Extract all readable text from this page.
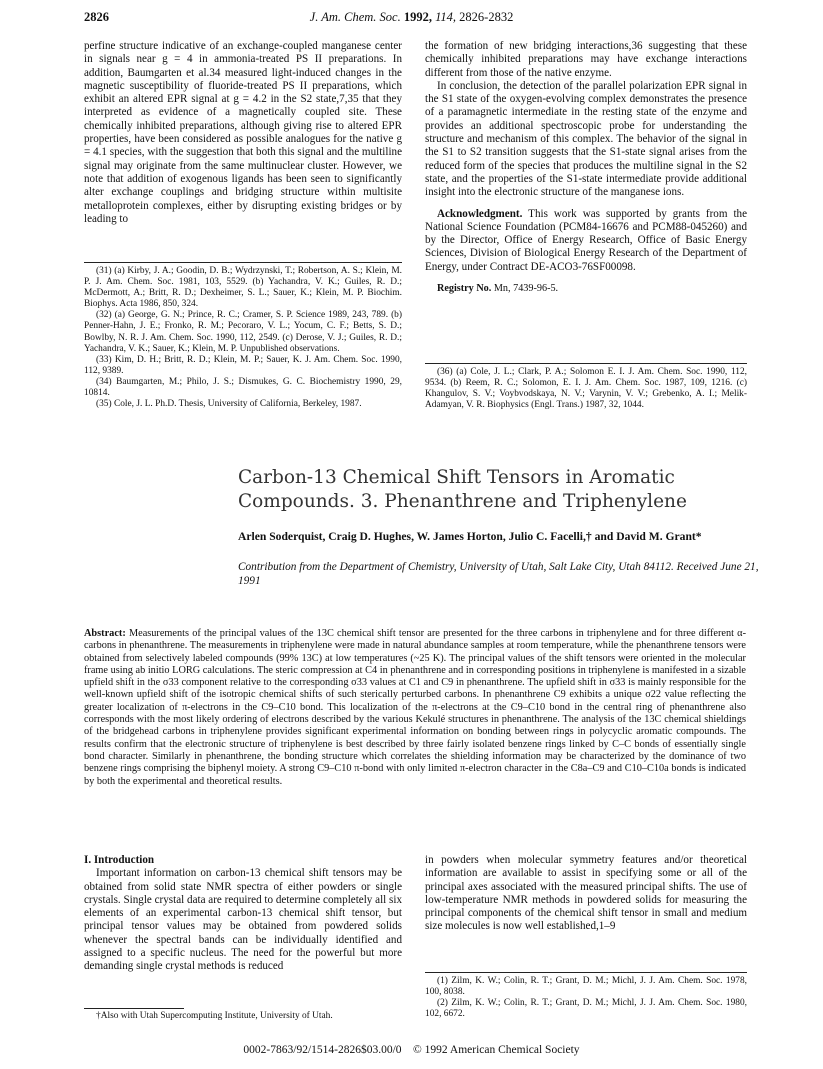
2826	J. Am. Chem. Soc. 1992, 114, 2826-2832

perfine structure indicative of an exchange-coupled manganese center in signals near g = 4 in ammonia-treated PS II preparations. In addition, Baumgarten et al.34 measured light-induced changes in the magnetic susceptibility of fluoride-treated PS II preparations, which exhibit an altered EPR signal at g = 4.2 in the S2 state,7,35 that they interpreted as evidence of a magnetically coupled site. These chemically inhibited preparations, although giving rise to altered EPR properties, have been considered as possible analogues for the native g = 4.1 species, with the suggestion that both this signal and the multiline signal may originate from the same multinuclear cluster. However, we note that addition of exogenous ligands has been seen to significantly alter exchange couplings and bridging structure within multisite metalloprotein complexes, either by disrupting existing bridges or by leading to

(31) (a) Kirby, J. A.; Goodin, D. B.; Wydrzynski, T.; Robertson, A. S.; Klein, M. P. J. Am. Chem. Soc. 1981, 103, 5529. (b) Yachandra, V. K.; Guiles, R. D.; McDermott, A.; Britt, R. D.; Dexheimer, S. L.; Sauer, K.; Klein, M. P. Biochim. Biophys. Acta 1986, 850, 324.

(32) (a) George, G. N.; Prince, R. C.; Cramer, S. P. Science 1989, 243, 789. (b) Penner-Hahn, J. E.; Fronko, R. M.; Pecoraro, V. L.; Yocum, C. F.; Betts, S. D.; Bowlby, N. R. J. Am. Chem. Soc. 1990, 112, 2549. (c) Derose, V. J.; Guiles, R. D.; Yachandra, V. K.; Sauer, K.; Klein, M. P. Unpublished observations.

(33) Kim, D. H.; Britt, R. D.; Klein, M. P.; Sauer, K. J. Am. Chem. Soc. 1990, 112, 9389.

(34) Baumgarten, M.; Philo, J. S.; Dismukes, G. C. Biochemistry 1990, 29, 10814.

(35) Cole, J. L. Ph.D. Thesis, University of California, Berkeley, 1987.

the formation of new bridging interactions,36 suggesting that these chemically inhibited preparations may have exchange interactions different from those of the native enzyme.

In conclusion, the detection of the parallel polarization EPR signal in the S1 state of the oxygen-evolving complex demonstrates the presence of a paramagnetic intermediate in the resting state of the enzyme and provides an additional spectroscopic probe for understanding the structure and mechanism of this complex. The behavior of the signal in the S1 to S2 transition suggests that the S1-state signal arises from the reduced form of the species that produces the multiline signal in the S2 state, and the properties of the S1-state intermediate provide additional insight into the electronic structure of the manganese ions.

Acknowledgment. This work was supported by grants from the National Science Foundation (PCM84-16676 and PCM88-045260) and by the Director, Office of Energy Research, Office of Basic Energy Sciences, Division of Biological Energy Research of the Department of Energy, under Contract DE-ACO3-76SF00098.

Registry No. Mn, 7439-96-5.

(36) (a) Cole, J. L.; Clark, P. A.; Solomon E. I. J. Am. Chem. Soc. 1990, 112, 9534. (b) Reem, R. C.; Solomon, E. I. J. Am. Chem. Soc. 1987, 109, 1216. (c) Khangulov, S. V.; Voybvodskaya, N. V.; Varynin, V. V.; Grebenko, A. I.; Melik-Adamyan, V. R. Biophysics (Engl. Trans.) 1987, 32, 1044.

Carbon-13 Chemical Shift Tensors in Aromatic Compounds. 3. Phenanthrene and Triphenylene
Arlen Soderquist, Craig D. Hughes, W. James Horton, Julio C. Facelli,† and David M. Grant*
Contribution from the Department of Chemistry, University of Utah, Salt Lake City, Utah 84112. Received June 21, 1991
Abstract: Measurements of the principal values of the 13C chemical shift tensor are presented for the three carbons in triphenylene and for three different α-carbons in phenanthrene. The measurements in triphenylene were made in natural abundance samples at room temperature, while the phenanthrene tensors were obtained from selectively labeled compounds (99% 13C) at low temperatures (~25 K). The principal values of the shift tensors were oriented in the molecular frame using ab initio LORG calculations. The steric compression at C4 in phenanthrene and in corresponding positions in triphenylene is manifested in a sizable upfield shift in the σ33 component relative to the corresponding σ33 values at C1 and C9 in phenanthrene. The upfield shift in σ33 is mainly responsible for the well-known upfield shift of the isotropic chemical shifts of such sterically perturbed carbons. In phenanthrene C9 exhibits a unique σ22 value reflecting the greater localization of π-electrons in the C9–C10 bond. This localization of the π-electrons at the C9–C10 bond in the central ring of phenanthrene also corresponds with the most likely ordering of electrons described by the various Kekulé structures in phenanthrene. The analysis of the 13C chemical shieldings of the bridgehead carbons in triphenylene provides significant experimental information on bonding between rings in polycyclic aromatic compounds. The results confirm that the electronic structure of triphenylene is best described by three fairly isolated benzene rings linked by C–C bonds of essentially single bond character. Similarly in phenanthrene, the bonding structure which correlates the shielding information may be characterized by the dominance of two benzene rings comprising the biphenyl moiety. A strong C9–C10 π-bond with only limited π-electron character in the C8a–C9 and C10–C10a bonds is indicated by both the experimental and theoretical results.

I. Introduction

Important information on carbon-13 chemical shift tensors may be obtained from solid state NMR spectra of either powders or single crystals. Single crystal data are required to determine completely all six elements of an experimental carbon-13 chemical shift tensor, but principal tensor values may be obtained from powdered solids whenever the spectral bands can be individually identified and assigned to a specific nucleus. The need for the powerful but more demanding single crystal methods is reduced

†Also with Utah Supercomputing Institute, University of Utah.

in powders when molecular symmetry features and/or theoretical information are available to assist in specifying some or all of the principal axes associated with the measured principal shifts. The use of low-temperature NMR methods in powdered solids for measuring the principal components of the chemical shift tensor in small and medium size molecules is now well established,1–9

(1) Zilm, K. W.; Colin, R. T.; Grant, D. M.; Michl, J. J. Am. Chem. Soc. 1978, 100, 8038.

(2) Zilm, K. W.; Colin, R. T.; Grant, D. M.; Michl, J. J. Am. Chem. Soc. 1980, 102, 6672.

0002-7863/92/1514-2826$03.00/0 © 1992 American Chemical Society
